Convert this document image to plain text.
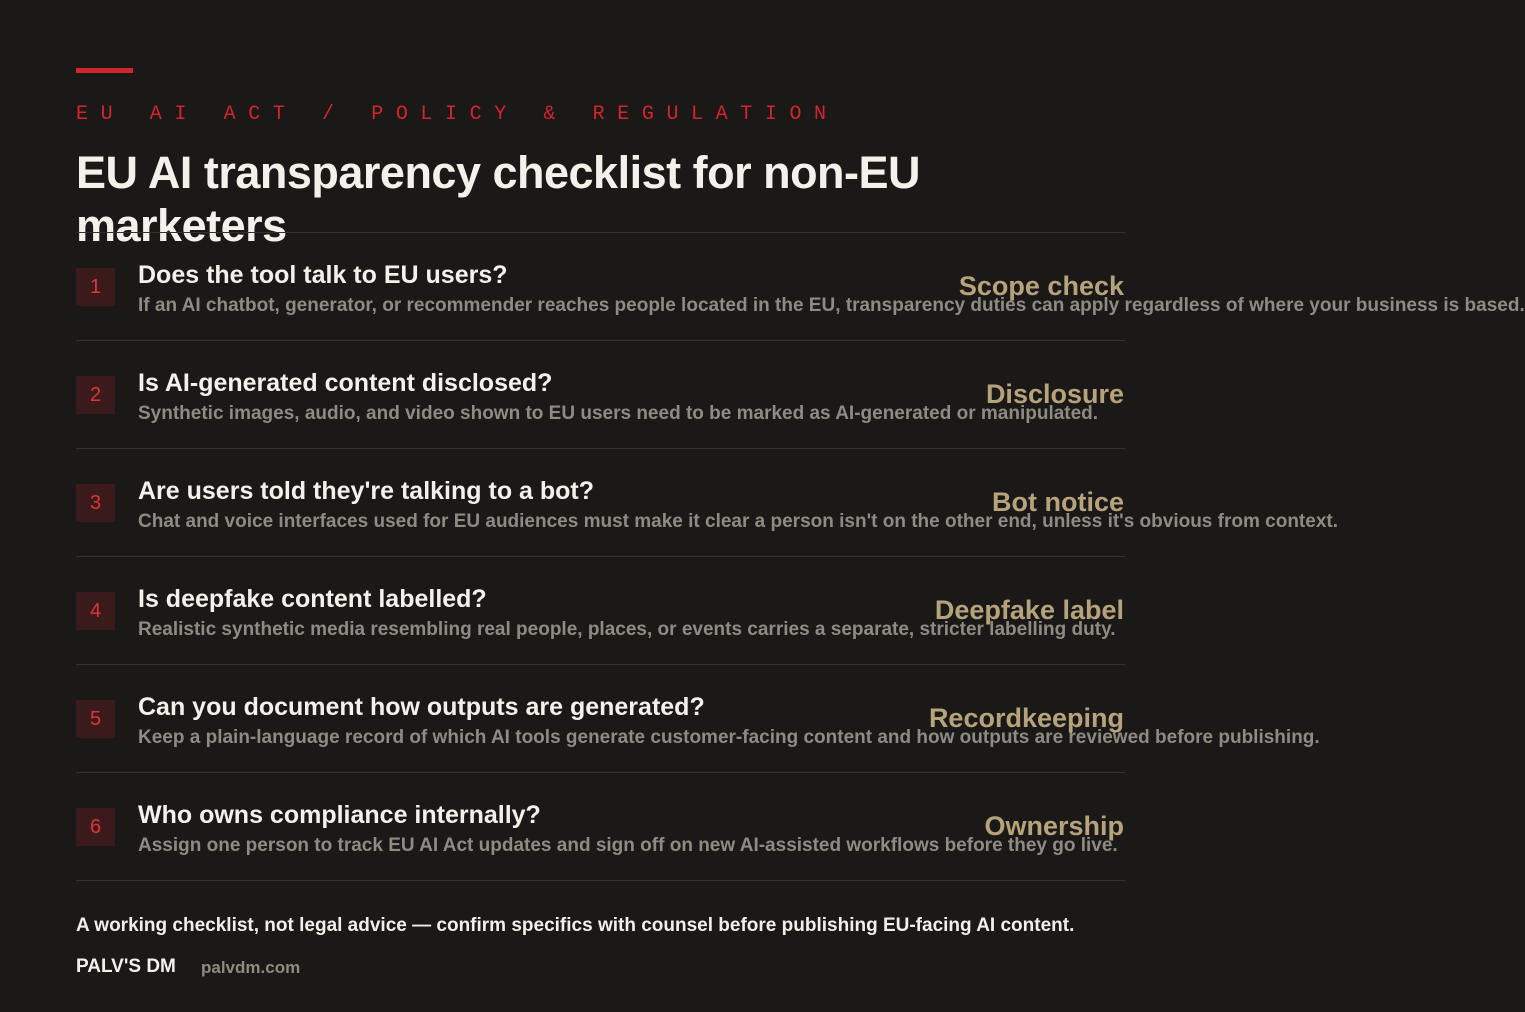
EU AI ACT / POLICY & REGULATION
EU AI transparency checklist for non-EU marketers
1	Does the tool talk to EU users?
If an AI chatbot, generator, or recommender reaches people located in the EU, transparency duties can apply regardless of where your business is based.
Scope check
2	Is AI-generated content disclosed?
Synthetic images, audio, and video shown to EU users need to be marked as AI-generated or manipulated.
Disclosure
3	Are users told they're talking to a bot?
Chat and voice interfaces used for EU audiences must make it clear a person isn't on the other end, unless it's obvious from context.
Bot notice
4	Is deepfake content labelled?
Realistic synthetic media resembling real people, places, or events carries a separate, stricter labelling duty.
Deepfake label
5	Can you document how outputs are generated?
Keep a plain-language record of which AI tools generate customer-facing content and how outputs are reviewed before publishing.
Recordkeeping
6	Who owns compliance internally?
Assign one person to track EU AI Act updates and sign off on new AI-assisted workflows before they go live.
Ownership
A working checklist, not legal advice — confirm specifics with counsel before publishing EU-facing AI content.
PALV'S DM palvdm.com
